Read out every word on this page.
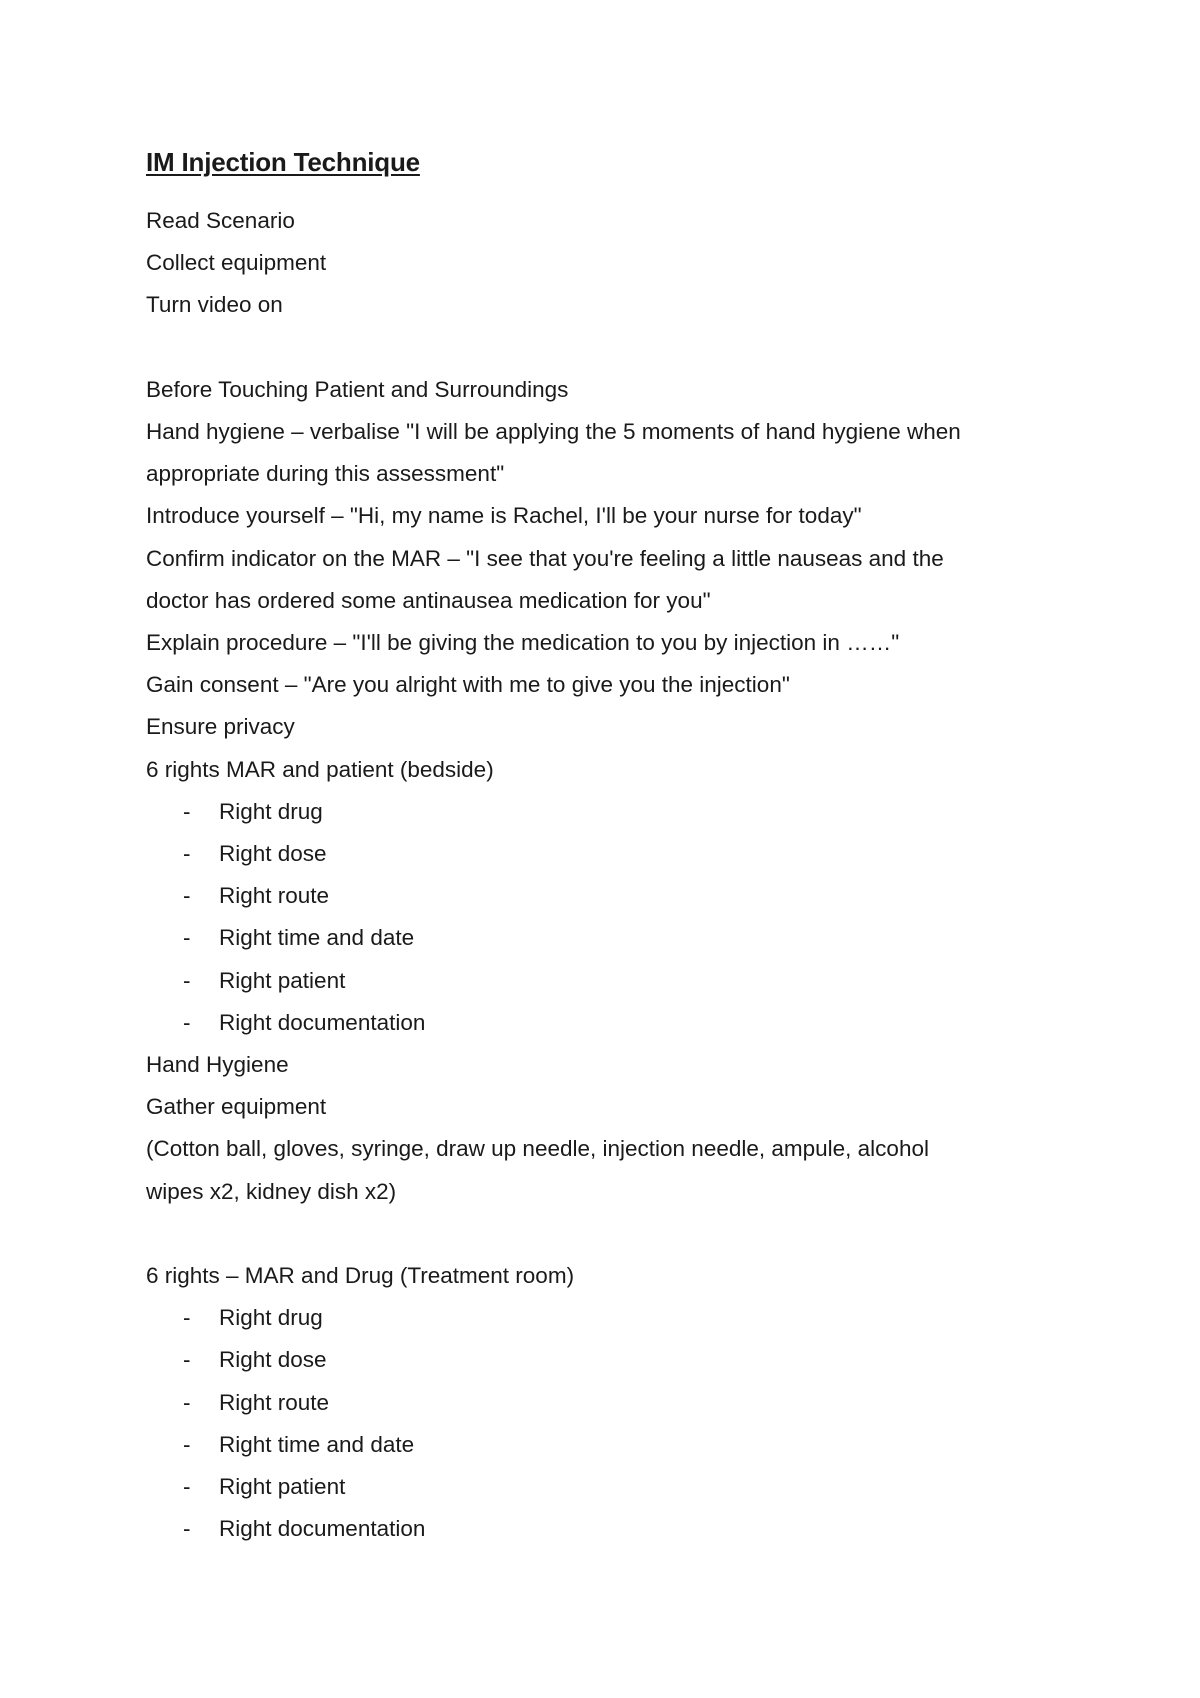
IM Injection Technique
Read Scenario
Collect equipment
Turn video on
Before Touching Patient and Surroundings
Hand hygiene – verbalise "I will be applying the 5 moments of hand hygiene when
appropriate during this assessment"
Introduce yourself – "Hi, my name is Rachel, I'll be your nurse for today"
Confirm indicator on the MAR – "I see that you're feeling a little nauseas and the
doctor has ordered some antinausea medication for you"
Explain procedure – "I'll be giving the medication to you by injection in ……"
Gain consent – "Are you alright with me to give you the injection"
Ensure privacy
6 rights MAR and patient (bedside)
- Right drug
- Right dose
- Right route
- Right time and date
- Right patient
- Right documentation
Hand Hygiene
Gather equipment
(Cotton ball, gloves, syringe, draw up needle, injection needle, ampule, alcohol
wipes x2, kidney dish x2)
6 rights – MAR and Drug (Treatment room)
- Right drug
- Right dose
- Right route
- Right time and date
- Right patient
- Right documentation
